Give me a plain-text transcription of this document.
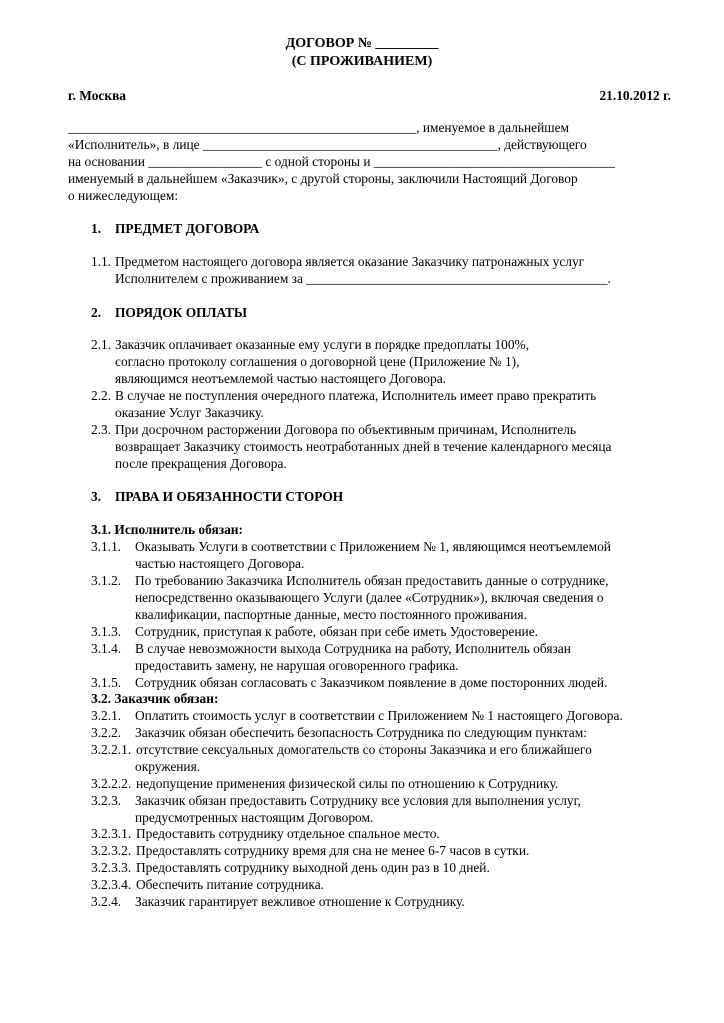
ДОГОВОР № _________
(С ПРОЖИВАНИЕМ)
г. Москва	21.10.2012 г.
____________________________________________________, именуемое в дальнейшем
«Исполнитель», в лице ____________________________________________, действующего
на основании _________________ с одной стороны и ____________________________________
именуемый в дальнейшем «Заказчик», с другой стороны, заключили Настоящий Договор
о нижеследующем:
1. ПРЕДМЕТ ДОГОВОРА
1.1. Предметом настоящего договора является оказание Заказчику патронажных услуг
Исполнителем с проживанием за _____________________________________________.
2. ПОРЯДОК ОПЛАТЫ
2.1. Заказчик оплачивает оказанные ему услуги в порядке предоплаты 100%,
согласно протоколу соглашения о договорной цене (Приложение № 1),
являющимся неотъемлемой частью настоящего Договора.
2.2. В случае не поступления очередного платежа, Исполнитель имеет право прекратить
оказание Услуг Заказчику.
2.3. При досрочном расторжении Договора по объективным причинам, Исполнитель
возвращает Заказчику стоимость неотработанных дней в течение календарного месяца
после прекращения Договора.
3. ПРАВА И ОБЯЗАННОСТИ СТОРОН
3.1. Исполнитель обязан:
3.1.1. Оказывать Услуги в соответствии с Приложением № 1, являющимся неотъемлемой
частью настоящего Договора.
3.1.2. По требованию Заказчика Исполнитель обязан предоставить данные о сотруднике,
непосредственно оказывающего Услуги (далее «Сотрудник»), включая сведения о
квалификации, паспортные данные, место постоянного проживания.
3.1.3. Сотрудник, приступая к работе, обязан при себе иметь Удостоверение.
3.1.4. В случае невозможности выхода Сотрудника на работу, Исполнитель обязан
предоставить замену, не нарушая оговоренного графика.
3.1.5. Сотрудник обязан согласовать с Заказчиком появление в доме посторонних людей.
3.2. Заказчик обязан:
3.2.1. Оплатить стоимость услуг в соответствии с Приложением № 1 настоящего Договора.
3.2.2. Заказчик обязан обеспечить безопасность Сотрудника по следующим пунктам:
3.2.2.1. отсутствие сексуальных домогательств со стороны Заказчика и его ближайшего
окружения.
3.2.2.2. недопущение применения физической силы по отношению к Сотруднику.
3.2.3. Заказчик обязан предоставить Сотруднику все условия для выполнения услуг,
предусмотренных настоящим Договором.
3.2.3.1. Предоставить сотруднику отдельное спальное место.
3.2.3.2. Предоставлять сотруднику время для сна не менее 6-7 часов в сутки.
3.2.3.3. Предоставлять сотруднику выходной день один раз в 10 дней.
3.2.3.4. Обеспечить питание сотрудника.
3.2.4. Заказчик гарантирует вежливое отношение к Сотруднику.
